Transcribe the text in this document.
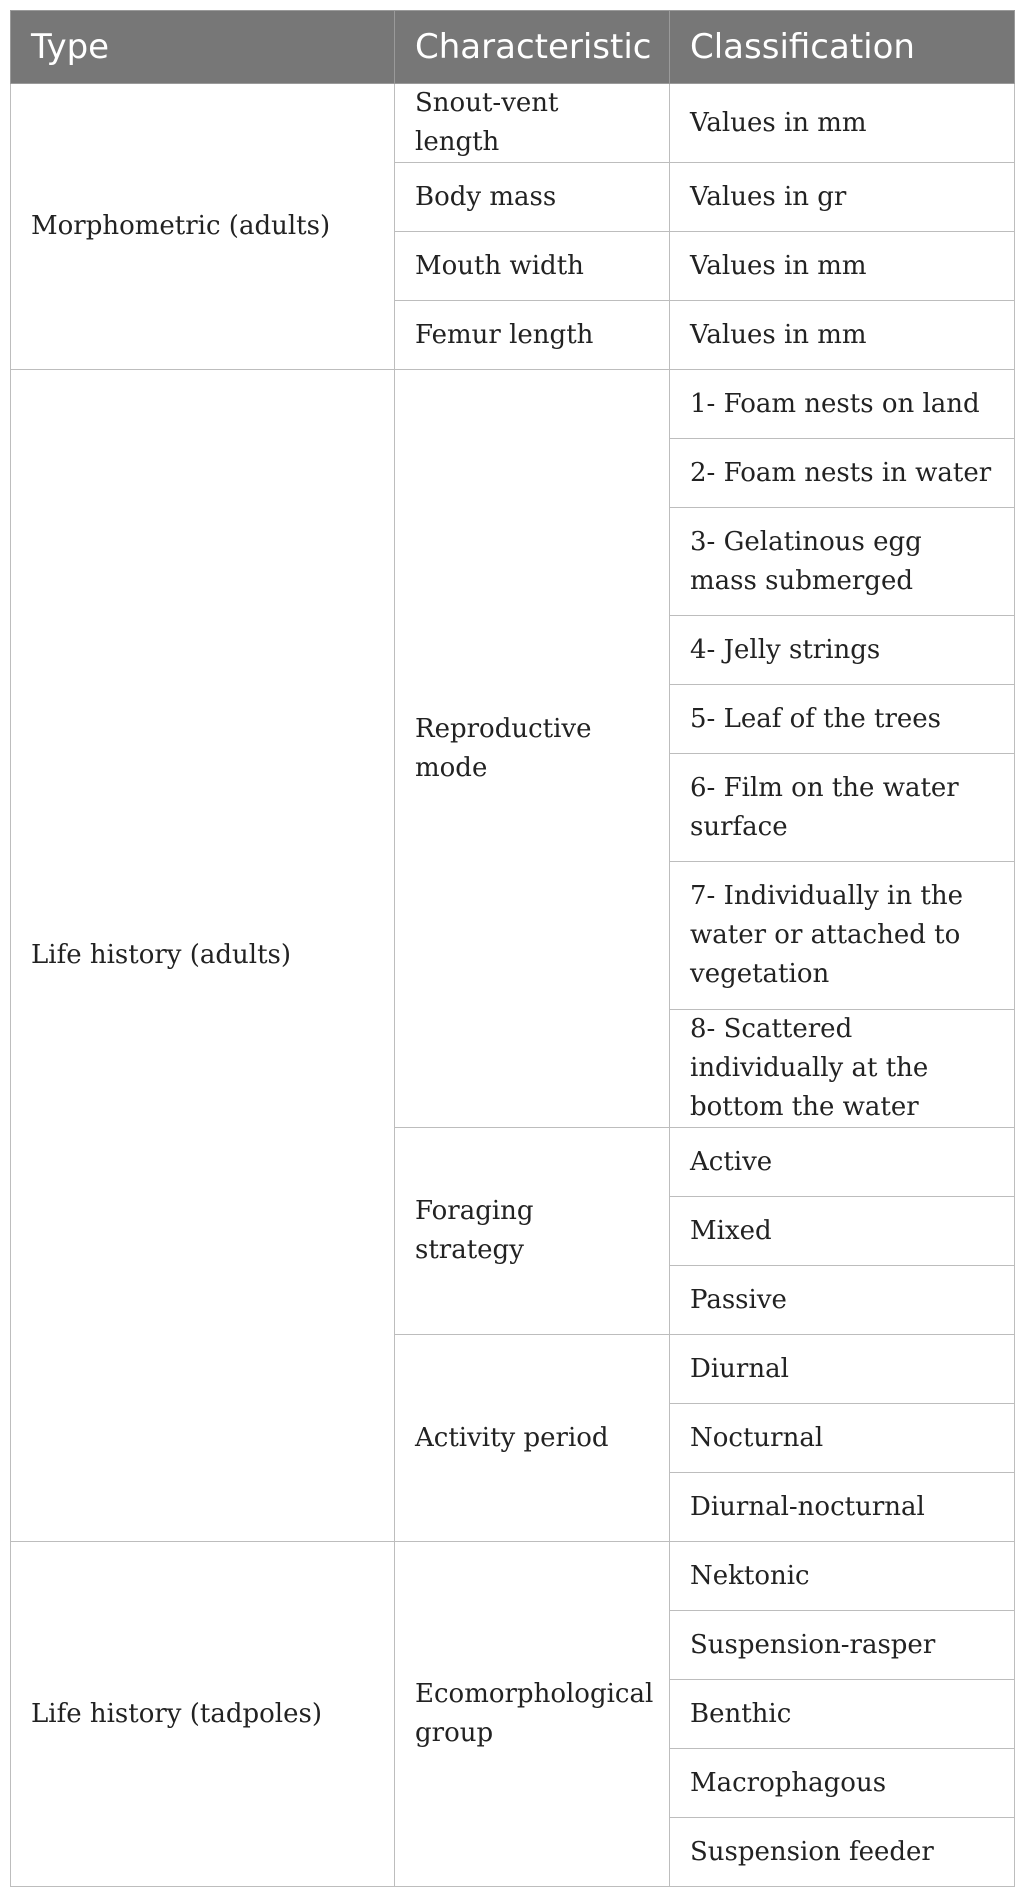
Type	Characteristic	Classification
Morphometric (adults)	Snout-vent length	Values in mm
	Body mass	Values in gr
	Mouth width	Values in mm
	Femur length	Values in mm
Life history (adults)	Reproductive mode	1- Foam nests on land
		2- Foam nests in water
		3- Gelatinous egg mass submerged
		4- Jelly strings
		5- Leaf of the trees
		6- Film on the water surface
		7- Individually in the water or attached to vegetation
		8- Scattered individually at the bottom the water
	Foraging strategy	Active
		Mixed
		Passive
	Activity period	Diurnal
		Nocturnal
		Diurnal-nocturnal
Life history (tadpoles)	Ecomorphological group	Nektonic
		Suspension-rasper
		Benthic
		Macrophagous
		Suspension feeder
